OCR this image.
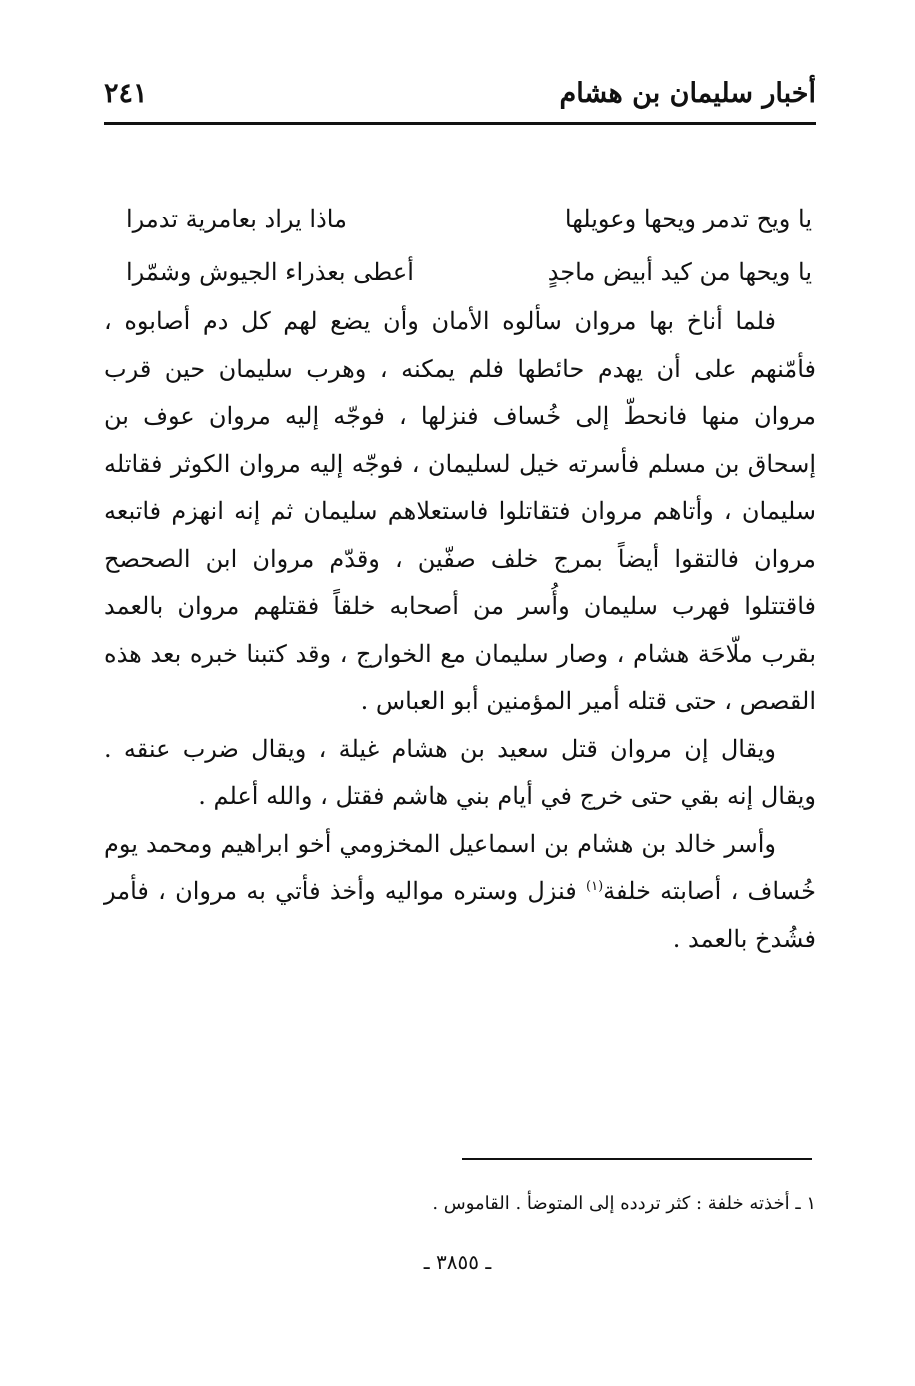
أخبار سليمان بن هشام
٢٤١
يا ويح تدمر ويحها وعويلها
ماذا يراد بعامرية تدمرا
يا ويحها من كيد أبيض ماجدٍ
أعطى بعذراء الجيوش وشمّرا

فلما أناخ بها مروان سألوه الأمان وأن يضع لهم كل دم أصابوه ، فأمّنهم على أن يهدم حائطها فلم يمكنه ، وهرب سليمان حين قرب مروان منها فانحطّ إلى خُساف فنزلها ، فوجّه إليه مروان عوف بن إسحاق بن مسلم فأسرته خيل لسليمان ، فوجّه إليه مروان الكوثر فقاتله سليمان ، وأتاهم مروان فتقاتلوا فاستعلاهم سليمان ثم إنه انهزم فاتبعه مروان فالتقوا أيضاً بمرج خلف صفّين ، وقدّم مروان ابن الصحصح فاقتتلوا فهرب سليمان وأُسر من أصحابه خلقاً فقتلهم مروان بالعمد بقرب ملّاحَة هشام ، وصار سليمان مع الخوارج ، وقد كتبنا خبره بعد هذه القصص ، حتى قتله أمير المؤمنين أبو العباس .

ويقال إن مروان قتل سعيد بن هشام غيلة ، ويقال ضرب عنقه . ويقال إنه بقي حتى خرج في أيام بني هاشم فقتل ، والله أعلم .

وأسر خالد بن هشام بن اسماعيل المخزومي أخو ابراهيم ومحمد يوم خُساف ، أصابته خلفة$^{(١)}$ فنزل وستره مواليه وأخذ فأتي به مروان ، فأمر فشُدخ بالعمد .

١ ـ أخذته خلفة : كثر تردده إلى المتوضأ . القاموس .
ـ ٣٨٥٥ ـ
